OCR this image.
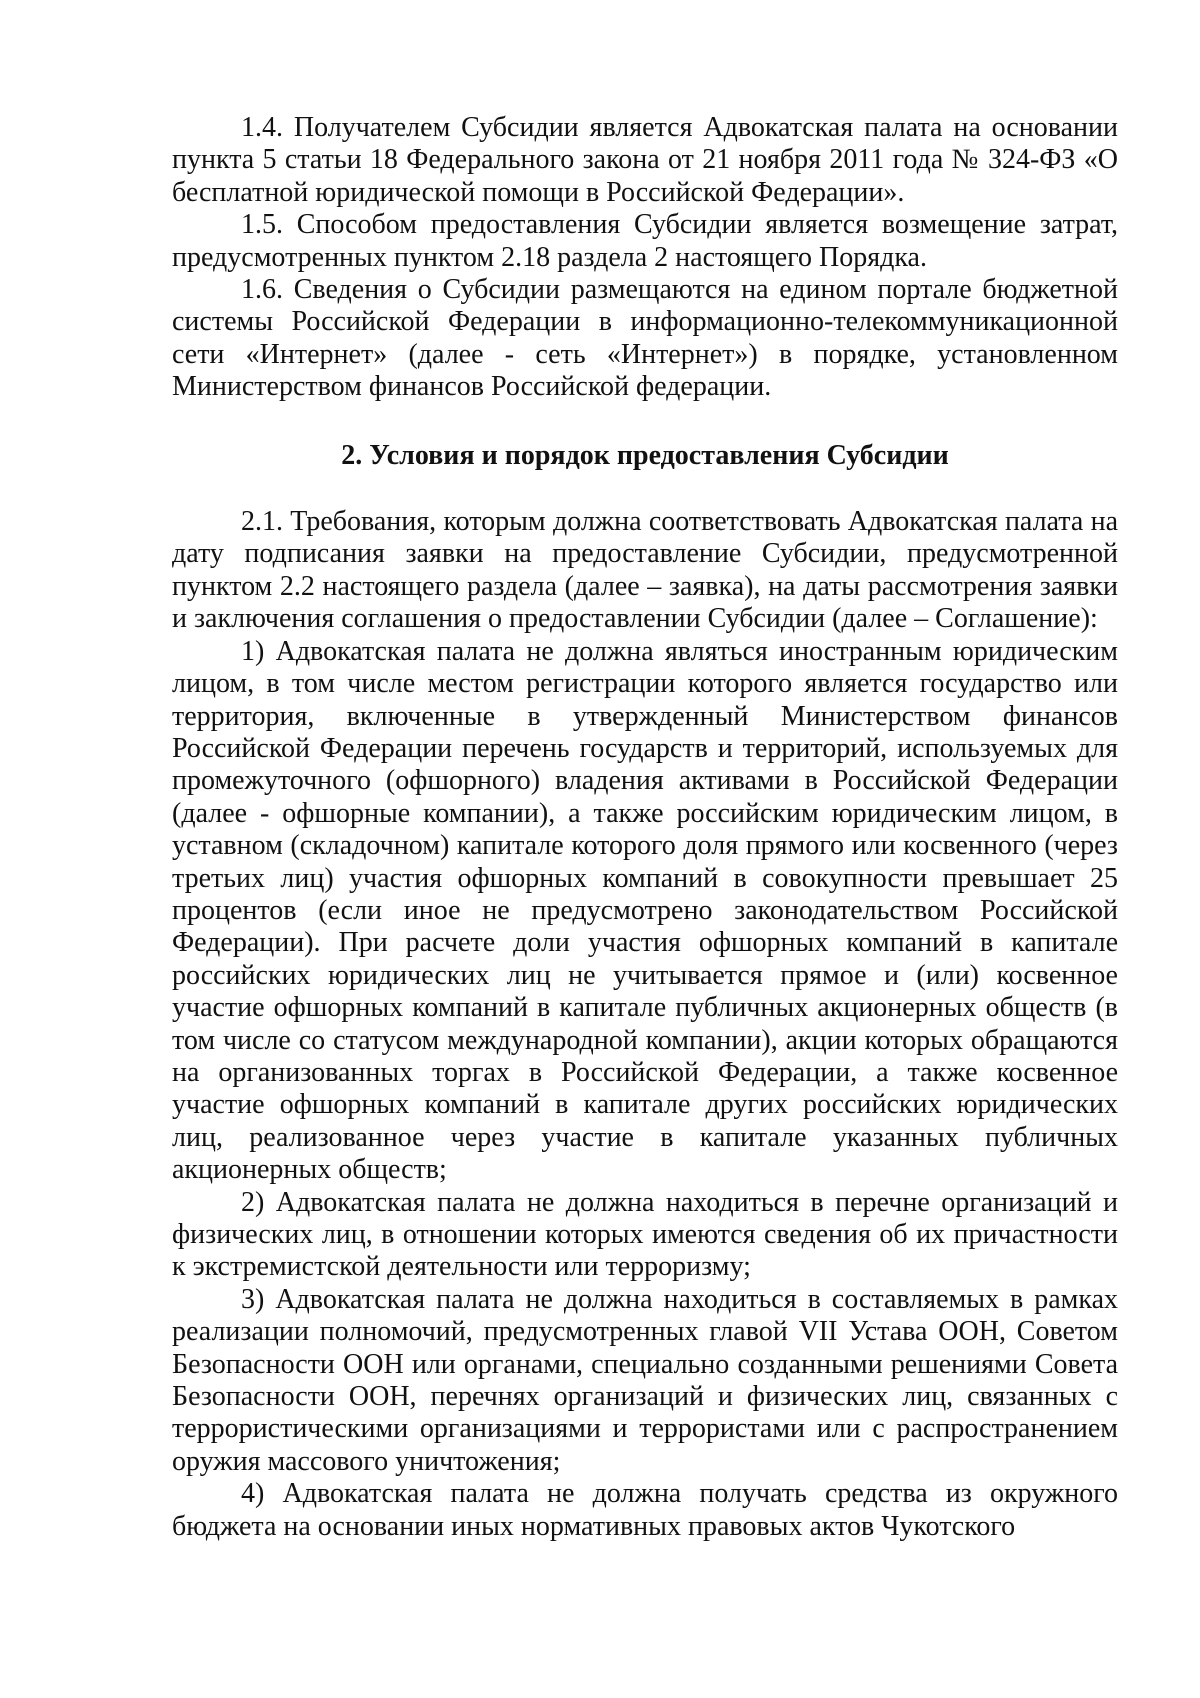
1.4. Получателем Субсидии является Адвокатская палата на основании пункта 5 статьи 18 Федерального закона от 21 ноября 2011 года № 324-ФЗ «О бесплатной юридической помощи в Российской Федерации».

1.5. Способом предоставления Субсидии является возмещение затрат, предусмотренных пунктом 2.18 раздела 2 настоящего Порядка.

1.6. Сведения о Субсидии размещаются на едином портале бюджетной системы Российской Федерации в информационно-телекоммуникационной сети «Интернет» (далее - сеть «Интернет») в порядке, установленном Министерством финансов Российской федерации.

2. Условия и порядок предоставления Субсидии

2.1. Требования, которым должна соответствовать Адвокатская палата на дату подписания заявки на предоставление Субсидии, предусмотренной пунктом 2.2 настоящего раздела (далее – заявка), на даты рассмотрения заявки и заключения соглашения о предоставлении Субсидии (далее – Соглашение):

1) Адвокатская палата не должна являться иностранным юридическим лицом, в том числе местом регистрации которого является государство или территория, включенные в утвержденный Министерством финансов Российской Федерации перечень государств и территорий, используемых для промежуточного (офшорного) владения активами в Российской Федерации (далее - офшорные компании), а также российским юридическим лицом, в уставном (складочном) капитале которого доля прямого или косвенного (через третьих лиц) участия офшорных компаний в совокупности превышает 25 процентов (если иное не предусмотрено законодательством Российской Федерации). При расчете доли участия офшорных компаний в капитале российских юридических лиц не учитывается прямое и (или) косвенное участие офшорных компаний в капитале публичных акционерных обществ (в том числе со статусом международной компании), акции которых обращаются на организованных торгах в Российской Федерации, а также косвенное участие офшорных компаний в капитале других российских юридических лиц, реализованное через участие в капитале указанных публичных акционерных обществ;

2) Адвокатская палата не должна находиться в перечне организаций и физических лиц, в отношении которых имеются сведения об их причастности к экстремистской деятельности или терроризму;

3) Адвокатская палата не должна находиться в составляемых в рамках реализации полномочий, предусмотренных главой VII Устава ООН, Советом Безопасности ООН или органами, специально созданными решениями Совета Безопасности ООН, перечнях организаций и физических лиц, связанных с террористическими организациями и террористами или с распространением оружия массового уничтожения;

4) Адвокатская палата не должна получать средства из окружного бюджета на основании иных нормативных правовых актов Чукотского
